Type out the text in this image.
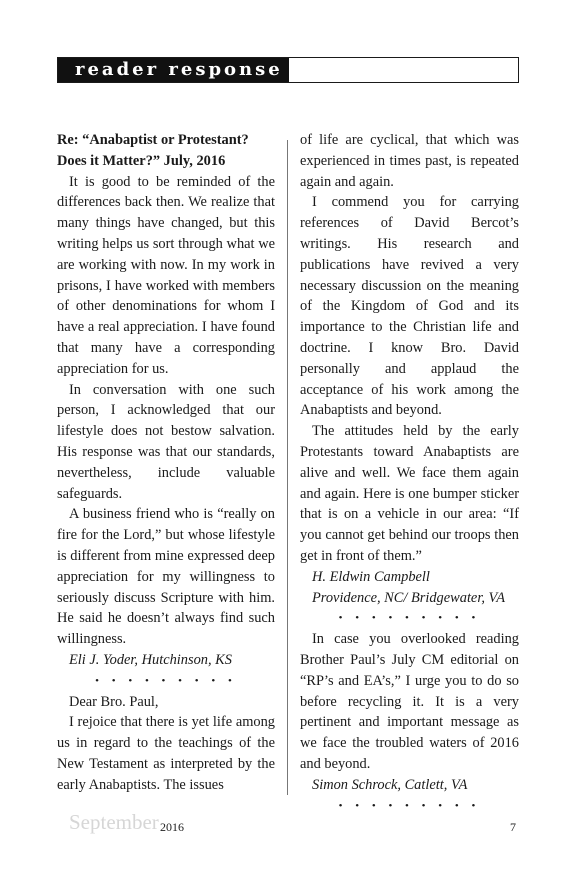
reader response

Re: “Anabaptist or Protestant? Does it Matter?” July, 2016

It is good to be reminded of the differences back then. We realize that many things have changed, but this writing helps us sort through what we are working with now. In my work in prisons, I have worked with members of other denominations for whom I have a real appreciation. I have found that many have a corresponding appreciation for us.

In conversation with one such person, I acknowledged that our lifestyle does not bestow salvation. His response was that our standards, nevertheless, include valuable safeguards.

A business friend who is “really on fire for the Lord,” but whose lifestyle is different from mine expressed deep appreciation for my willingness to seriously discuss Scripture with him. He said he doesn’t always find such willingness.

Eli J. Yoder, Hutchinson, KS

• • • • • • • • •

Dear Bro. Paul,

I rejoice that there is yet life among us in regard to the teachings of the New Testament as interpreted by the early Anabaptists. The issues

of life are cyclical, that which was experienced in times past, is repeated again and again.

I commend you for carrying references of David Bercot’s writings. His research and publications have revived a very necessary discussion on the meaning of the Kingdom of God and its importance to the Christian life and doctrine. I know Bro. David personally and applaud the acceptance of his work among the Anabaptists and beyond.

The attitudes held by the early Protestants toward Anabaptists are alive and well. We face them again and again. Here is one bumper sticker that is on a vehicle in our area: “If you cannot get behind our troops then get in front of them.”

H. Eldwin Campbell

Providence, NC/ Bridgewater, VA

• • • • • • • • •

In case you overlooked reading Brother Paul’s July CM editorial on “RP’s and EA’s,” I urge you to do so before recycling it. It is a very pertinent and important message as we face the troubled waters of 2016 and beyond.

Simon Schrock, Catlett, VA

• • • • • • • • •

September 2016	7
